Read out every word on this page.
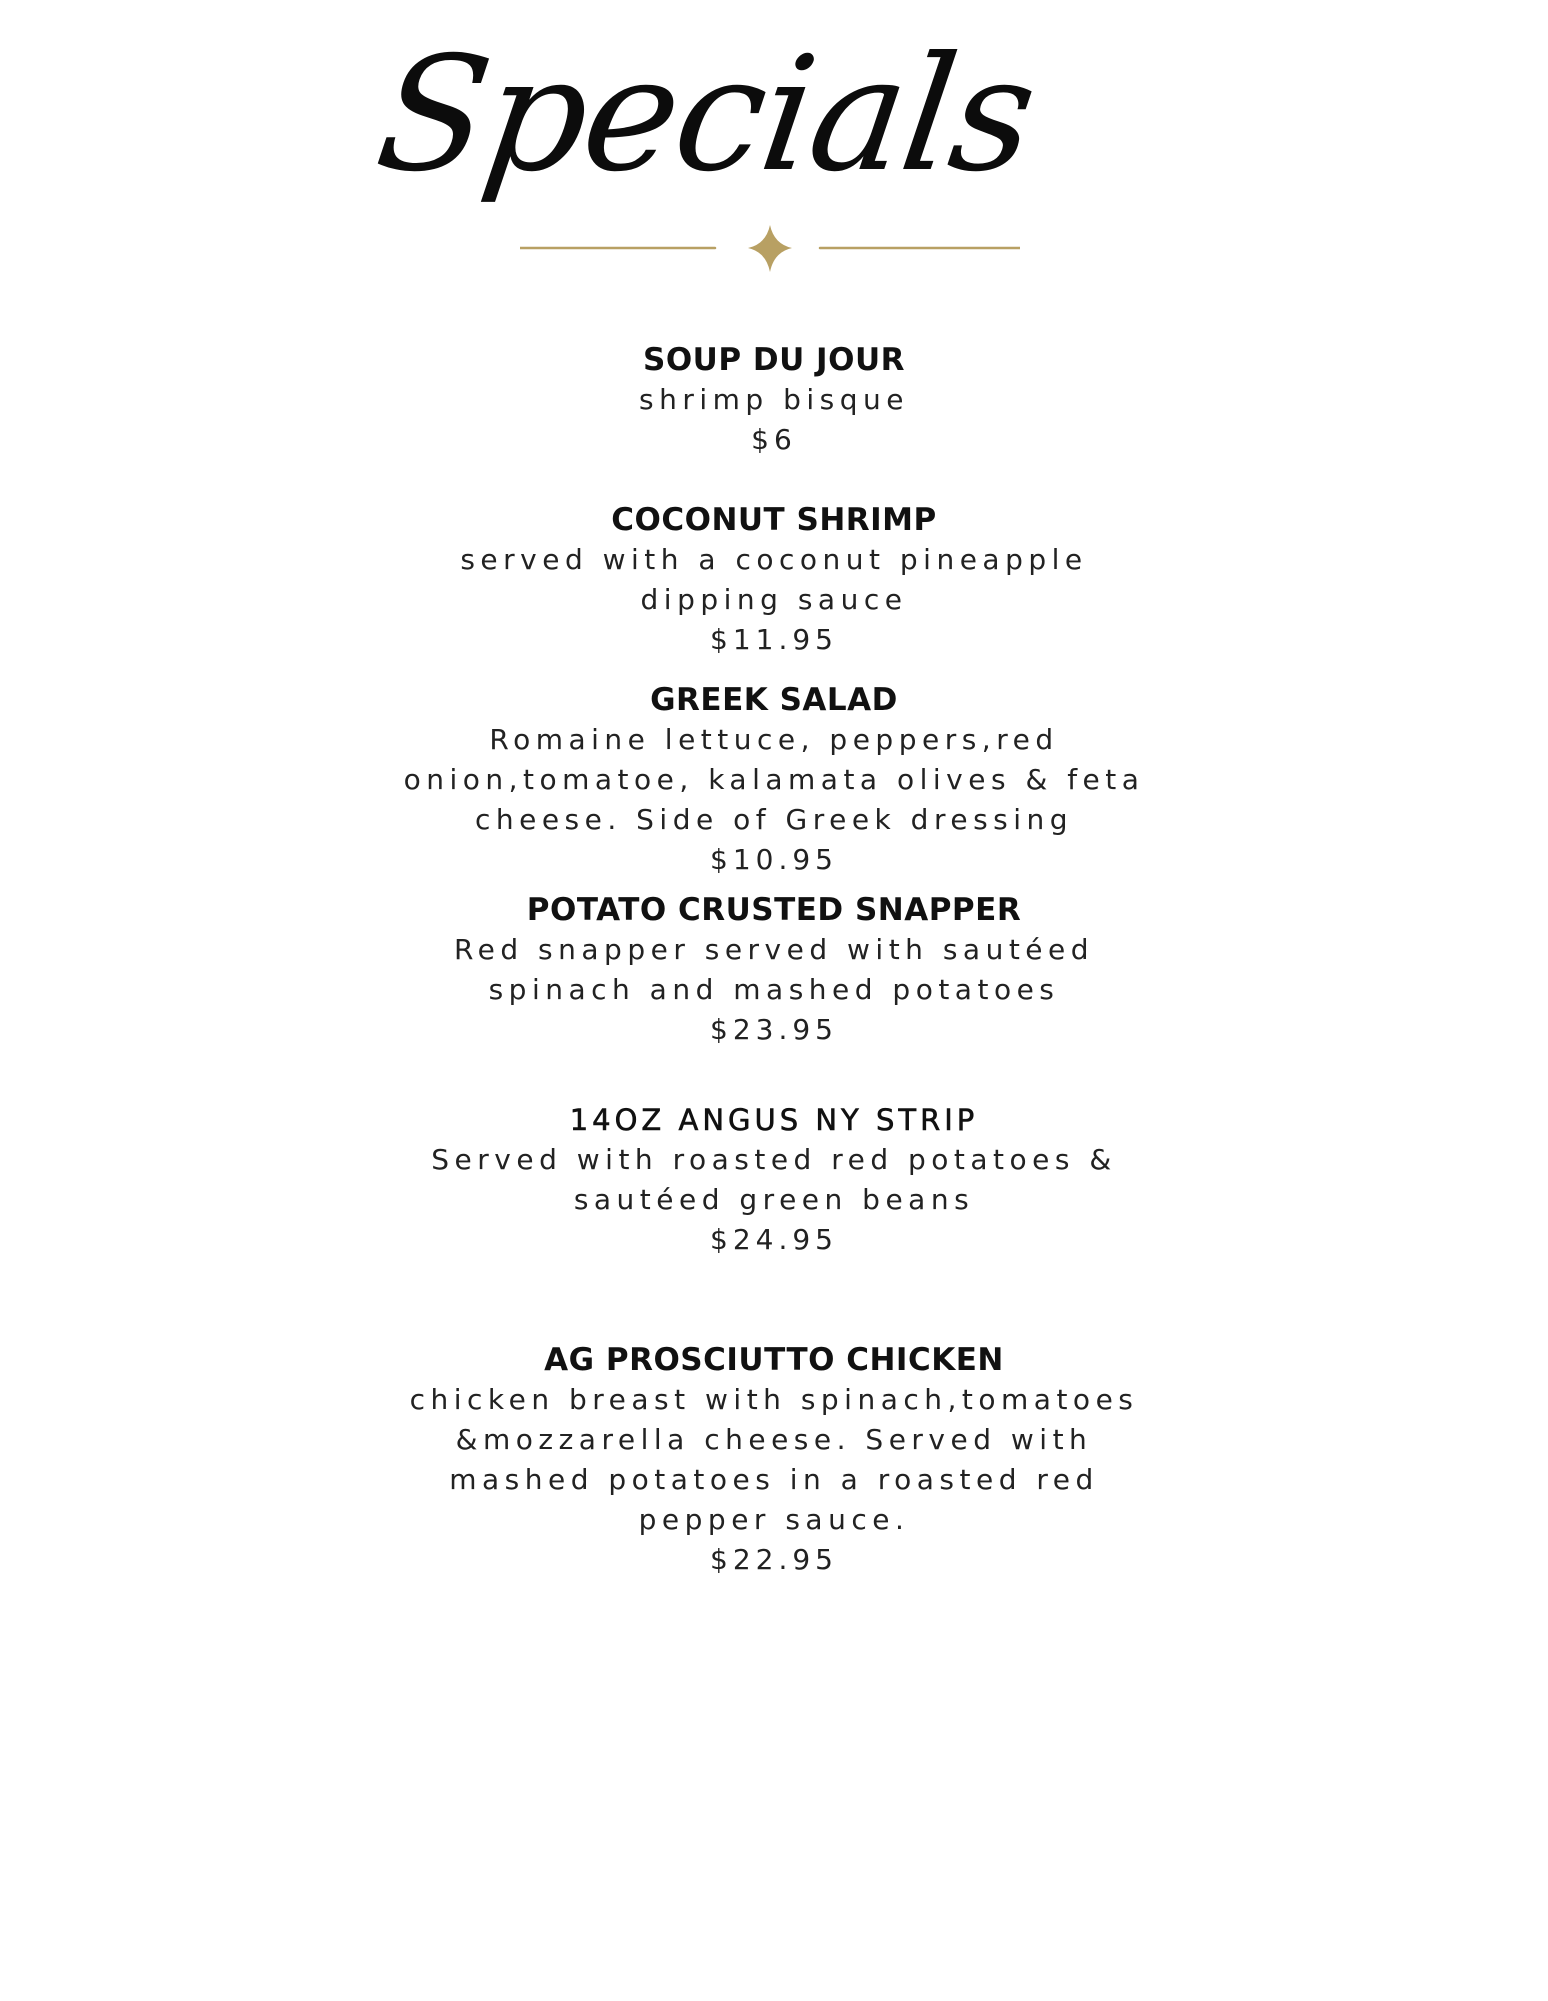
Specials
SOUP DU JOUR
shrimp bisque
$6
COCONUT SHRIMP
served with a coconut pineapple
dipping sauce
$11.95
GREEK SALAD
Romaine lettuce, peppers,red
onion,tomatoe, kalamata olives & feta
cheese. Side of Greek dressing
$10.95
POTATO CRUSTED SNAPPER
Red snapper served with sautéed
spinach and mashed potatoes
$23.95
14OZ ANGUS NY STRIP
Served with roasted red potatoes &
sautéed green beans
$24.95
AG PROSCIUTTO CHICKEN
chicken breast with spinach,tomatoes
&mozzarella cheese. Served with
mashed potatoes in a roasted red
pepper sauce.
$22.95
